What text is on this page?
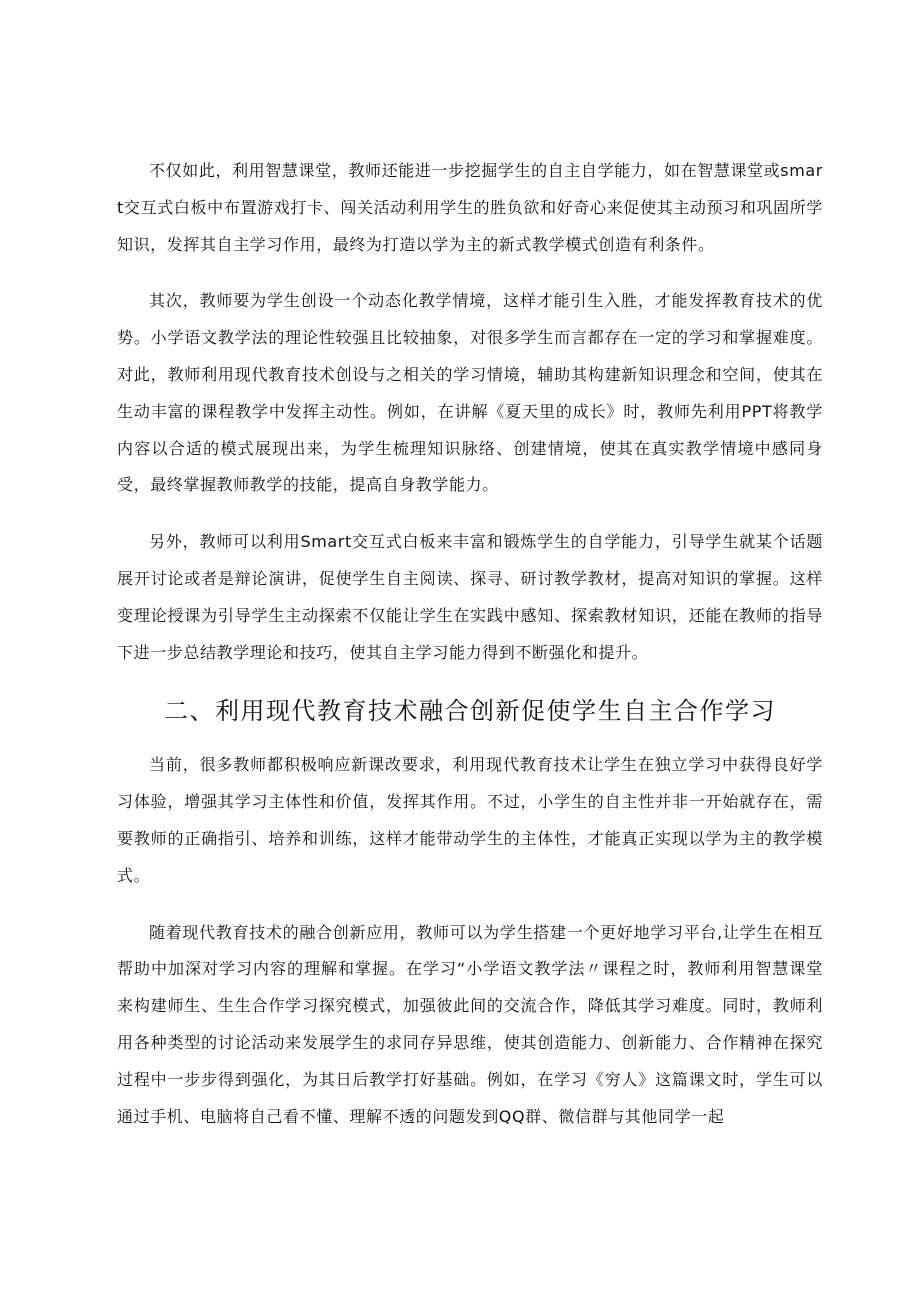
不仅如此，利用智慧课堂，教师还能进一步挖掘学生的自主自学能力，如在智慧课堂或smart交互式白板中布置游戏打卡、闯关活动利用学生的胜负欲和好奇心来促使其主动预习和巩固所学知识，发挥其自主学习作用，最终为打造以学为主的新式教学模式创造有利条件。

其次，教师要为学生创设一个动态化教学情境，这样才能引生入胜，才能发挥教育技术的优势。小学语文教学法的理论性较强且比较抽象，对很多学生而言都存在一定的学习和掌握难度。对此，教师利用现代教育技术创设与之相关的学习情境，辅助其构建新知识理念和空间，使其在生动丰富的课程教学中发挥主动性。例如，在讲解《夏天里的成长》时，教师先利用PPT将教学内容以合适的模式展现出来，为学生梳理知识脉络、创建情境，使其在真实教学情境中感同身受，最终掌握教师教学的技能，提高自身教学能力。

另外，教师可以利用Smart交互式白板来丰富和锻炼学生的自学能力，引导学生就某个话题展开讨论或者是辩论演讲，促使学生自主阅读、探寻、研讨教学教材，提高对知识的掌握。这样变理论授课为引导学生主动探索不仅能让学生在实践中感知、探索教材知识，还能在教师的指导下进一步总结教学理论和技巧，使其自主学习能力得到不断强化和提升。

二、利用现代教育技术融合创新促使学生自主合作学习

当前，很多教师都积极响应新课改要求，利用现代教育技术让学生在独立学习中获得良好学习体验，增强其学习主体性和价值，发挥其作用。不过，小学生的自主性并非一开始就存在，需要教师的正确指引、培养和训练，这样才能带动学生的主体性，才能真正实现以学为主的教学模式。

随着现代教育技术的融合创新应用，教师可以为学生搭建一个更好地学习平台,让学生在相互帮助中加深对学习内容的理解和掌握。在学习“小学语文教学法〃课程之时，教师利用智慧课堂来构建师生、生生合作学习探究模式，加强彼此间的交流合作，降低其学习难度。同时，教师利用各种类型的讨论活动来发展学生的求同存异思维，使其创造能力、创新能力、合作精神在探究过程中一步步得到强化，为其日后教学打好基础。例如，在学习《穷人》这篇课文时，学生可以通过手机、电脑将自己看不懂、理解不透的问题发到QQ群、微信群与其他同学一起
